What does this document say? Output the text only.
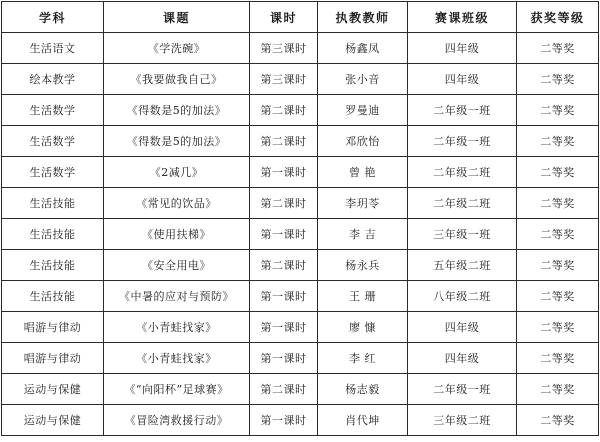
学科	课题	课时	执教教师	赛课班级	获奖等级
生活语文	《学洗碗》	第三课时	杨鑫凤	四年级	二等奖
绘本教学	《我要做我自己》	第三课时	张小音	四年级	二等奖
生活数学	《得数是5的加法》	第二课时	罗曼迪	二年级一班	二等奖
生活数学	《得数是5的加法》	第二课时	邓欣怡	二年级一班	二等奖
生活数学	《2减几》	第一课时	曾 艳	二年级二班	二等奖
生活技能	《常见的饮品》	第二课时	李玥苓	二年级二班	二等奖
生活技能	《使用扶梯》	第一课时	李 吉	三年级一班	二等奖
生活技能	《安全用电》	第二课时	杨永兵	五年级二班	二等奖
生活技能	《中暑的应对与预防》	第一课时	王 珊	八年级二班	二等奖
唱游与律动	《小青蛙找家》	第一课时	廖 慷	四年级	二等奖
唱游与律动	《小青蛙找家》	第一课时	李 红	四年级	二等奖
运动与保健	《“向阳杯”足球赛》	第二课时	杨志毅	二年级一班	二等奖
运动与保健	《冒险湾救援行动》	第一课时	肖代坤	三年级二班	二等奖
